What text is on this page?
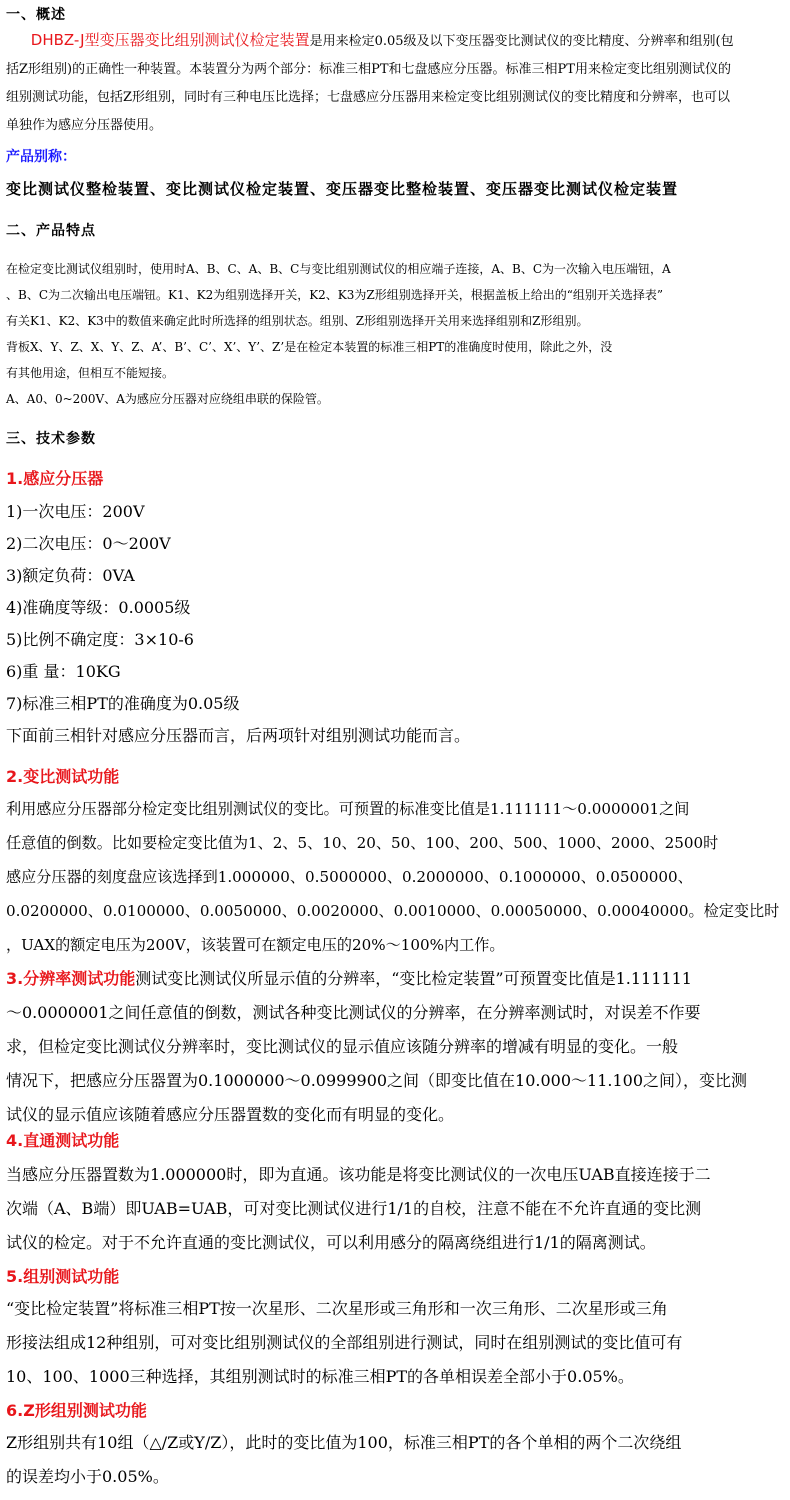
一、概述
DHBZ-J型变压器变比组别测试仪检定装置是用来检定0.05级及以下变压器变比测试仪的变比精度、分辨率和组别(包
括Z形组别)的正确性一种装置。本装置分为两个部分：标准三相PT和七盘感应分压器。标准三相PT用来检定变比组别测试仪的
组别测试功能，包括Z形组别，同时有三种电压比选择；七盘感应分压器用来检定变比组别测试仪的变比精度和分辨率，也可以
单独作为感应分压器使用。
产品别称：
变比测试仪整检装置、变比测试仪检定装置、变压器变比整检装置、变压器变比测试仪检定装置
二、产品特点
在检定变比测试仪组别时，使用时A、B、C、A、B、C与变比组别测试仪的相应端子连接，A、B、C为一次输入电压端钮，A
、B、C为二次输出电压端钮。K1、K2为组别选择开关，K2、K3为Z形组别选择开关，根据盖板上给出的“组别开关选择表”
有关K1、K2、K3中的数值来确定此时所选择的组别状态。组别、Z形组别选择开关用来选择组别和Z形组别。
背板X、Y、Z、X、Y、Z、A’、B’、C’、X’、Y’、Z’是在检定本装置的标准三相PT的准确度时使用，除此之外，没
有其他用途，但相互不能短接。
A、A0、0~200V、A为感应分压器对应绕组串联的保险管。
三、技术参数
1.感应分压器
1)一次电压：200V
2)二次电压：0～200V
3)额定负荷：0VA
4)准确度等级：0.0005级
5)比例不确定度：3×10-6
6)重 量：10KG
7)标准三相PT的准确度为0.05级
下面前三相针对感应分压器而言，后两项针对组别测试功能而言。
2.变比测试功能
利用感应分压器部分检定变比组别测试仪的变比。可预置的标准变比值是1.111111～0.0000001之间
任意值的倒数。比如要检定变比值为1、2、5、10、20、50、100、200、500、1000、2000、2500时
感应分压器的刻度盘应该选择到1.000000、0.5000000、0.2000000、0.1000000、0.0500000、
0.0200000、0.0100000、0.0050000、0.0020000、0.0010000、0.00050000、0.00040000。检定变比时
，UAX的额定电压为200V，该装置可在额定电压的20%～100%内工作。
3.分辨率测试功能测试变比测试仪所显示值的分辨率，“变比检定装置”可预置变比值是1.111111
～0.0000001之间任意值的倒数，测试各种变比测试仪的分辨率，在分辨率测试时，对误差不作要
求，但检定变比测试仪分辨率时，变比测试仪的显示值应该随分辨率的增减有明显的变化。一般
情况下，把感应分压器置为0.1000000～0.0999900之间（即变比值在10.000～11.100之间），变比测
试仪的显示值应该随着感应分压器置数的变化而有明显的变化。
4.直通测试功能
当感应分压器置数为1.000000时，即为直通。该功能是将变比测试仪的一次电压UAB直接连接于二
次端（A、B端）即UAB=UAB，可对变比测试仪进行1/1的自校，注意不能在不允许直通的变比测
试仪的检定。对于不允许直通的变比测试仪，可以利用感分的隔离绕组进行1/1的隔离测试。
5.组别测试功能
“变比检定装置”将标准三相PT按一次星形、二次星形或三角形和一次三角形、二次星形或三角
形接法组成12种组别，可对变比组别测试仪的全部组别进行测试，同时在组别测试的变比值可有
10、100、1000三种选择，其组别测试时的标准三相PT的各单相误差全部小于0.05%。
6.Z形组别测试功能
Z形组别共有10组（△/Z或Y/Z），此时的变比值为100，标准三相PT的各个单相的两个二次绕组
的误差均小于0.05%。
